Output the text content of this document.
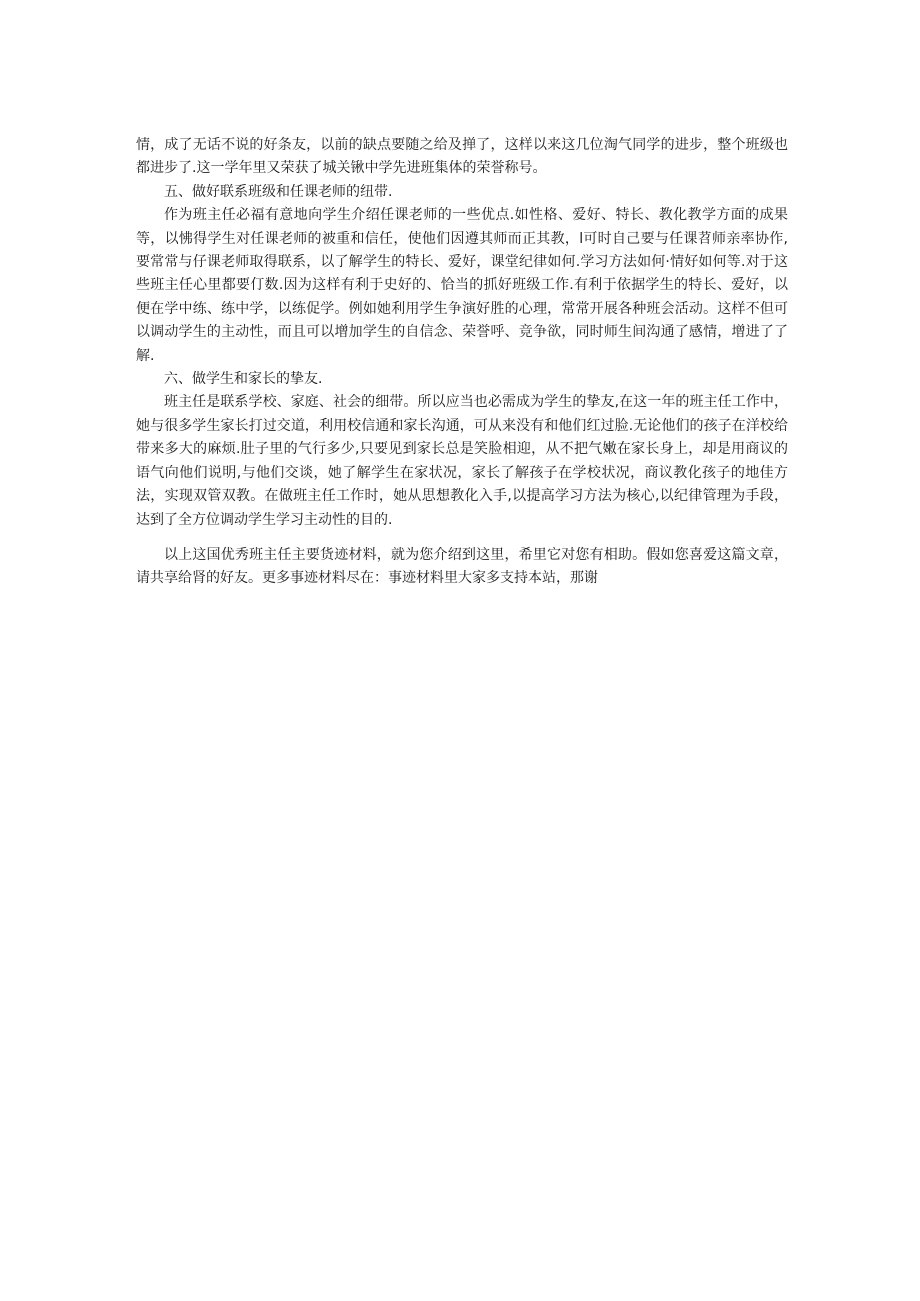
情，成了无话不说的好条友，以前的缺点要随之给及掸了，这样以来这几位淘气同学的进步，整个班级也都进步了.这一学年里又荣获了城关锹中学先进班集体的荣誉称号。

五、做好联系班级和任课老师的纽带.

作为班主任必福有意地向学生介绍任课老师的一些优点.如性格、爱好、特长、教化教学方面的成果等，以怫得学生对任课老师的被重和信任，使他们因遵其师而正其教，l可时自己要与任课苕师亲率协作,要常常与仔课老师取得联系，以了解学生的特长、爱好，课堂纪律如何.学习方法如何·情好如何等.对于这些班主任心里都要仃数.因为这样有利于史好的、恰当的抓好班级工作.有利于依据学生的特长、爱好，以便在学中练、练中学，以练促学。例如她利用学生争演好胜的心理，常常开展各种班会活动。这样不但可以调动学生的主动性，而且可以增加学生的自信念、荣誉呼、竞争欲，同时师生间沟通了感情，增进了了解.

六、做学生和家长的挚友.

班主任是联系学校、家庭、社会的细带。所以应当也必需成为学生的挚友,在这一年的班主任工作中，她与很多学生家长打过交道，利用校信通和家长沟通，可从来没有和他们红过脸.无论他们的孩子在洋校给带来多大的麻烦.肚子里的气行多少,只要见到家长总是笑脸相迎，从不把气嫩在家长身上，却是用商议的语气向他们说明,与他们交谈，她了解学生在家状况，家长了解孩子在学校状况，商议教化孩子的地佳方法，实现双管双教。在做班主任工作时，她从思想教化入手,以提高学习方法为核心,以纪律管理为手段，达到了全方位调动学生学习主动性的目的.

以上这国优秀班主任主要货迹材料，就为您介绍到这里，希里它对您有相助。假如您喜爱这篇文章，请共享给肾的好友。更多事迹材料尽在：事迹材料里大家多支持本站，那谢
